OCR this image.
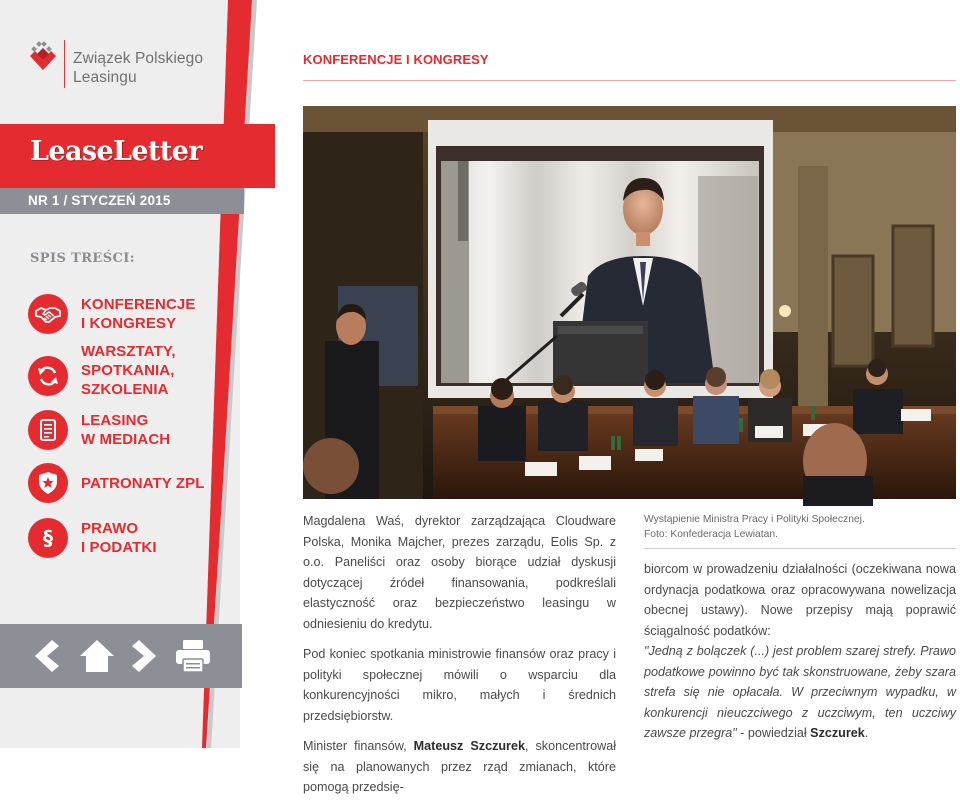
Związek Polskiego
Leasingu
LeaseLetter
NR 1 / STYCZEŃ 2015
SPIS TREŚCI:
KONFERENCJE
I KONGRESY
WARSZTATY,
SPOTKANIA,
SZKOLENIA
LEASING
W MEDIACH
PATRONATY ZPL
§ PRAWO
I PODATKI
KONFERENCJE I KONGRESY

Magdalena Waś, dyrektor zarządzająca Cloudware Polska, Monika Majcher, prezes zarządu, Eolis Sp. z o.o. Paneliści oraz osoby biorące udział dyskusji dotyczącej źródeł finansowania, podkreślali elastyczność oraz bezpieczeństwo leasingu w odniesieniu do kredytu.

Pod koniec spotkania ministrowie finansów oraz pracy i polityki społecznej mówili o wsparciu dla konkurencyjności mikro, małych i średnich przedsiębiorstw.

Minister finansów, Mateusz Szczurek, skoncentrował się na planowanych przez rząd zmianach, które pomogą przedsię-

Wystąpienie Ministra Pracy i Polityki Społecznej.
Foto: Konfederacja Lewiatan.

biorcom w prowadzeniu działalności (oczekiwana nowa ordynacja podatkowa oraz opracowywana nowelizacja obecnej ustawy). Nowe przepisy mają poprawić ściągalność podatków:

"Jedną z bolączek (...) jest problem szarej strefy. Prawo podatkowe powinno być tak skonstruowane, żeby szara strefa się nie opłacała. W przeciwnym wypadku, w konkurencji nieuczciwego z uczciwym, ten uczciwy zawsze przegra" - powiedział Szczurek.
